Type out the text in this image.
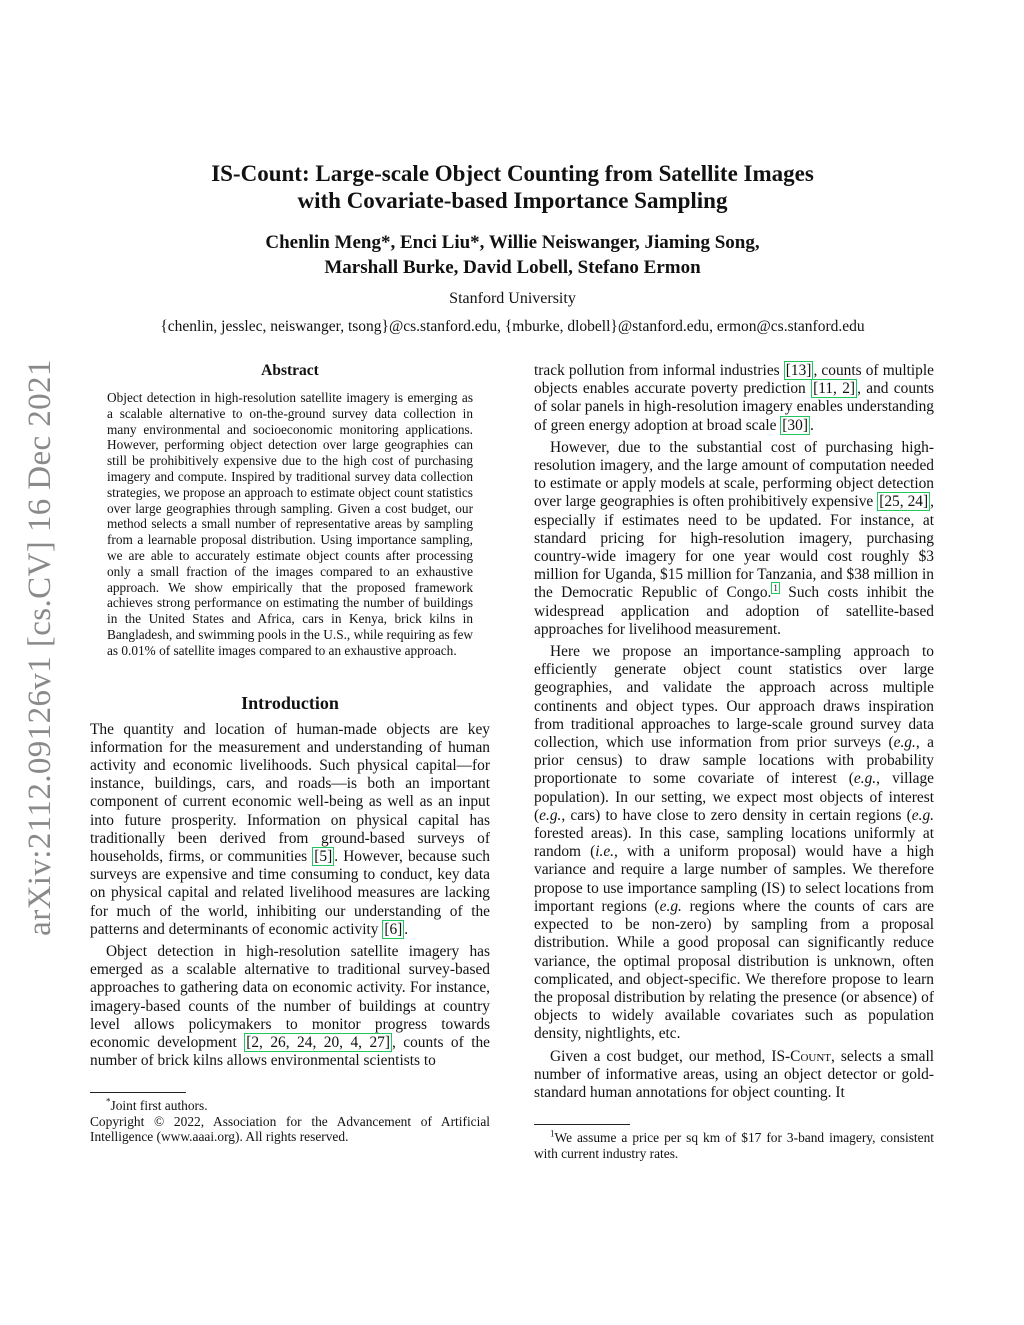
arXiv:2112.09126v1 [cs.CV] 16 Dec 2021
IS-Count: Large-scale Object Counting from Satellite Images
with Covariate-based Importance Sampling
Chenlin Meng*, Enci Liu*, Willie Neiswanger, Jiaming Song,
Marshall Burke, David Lobell, Stefano Ermon
Stanford University
{chenlin, jesslec, neiswanger, tsong}@cs.stanford.edu, {mburke, dlobell}@stanford.edu, ermon@cs.stanford.edu
Abstract

Object detection in high-resolution satellite imagery is emerging as a scalable alternative to on-the-ground survey data collection in many environmental and socioeconomic monitoring applications. However, performing object detection over large geographies can still be prohibitively expensive due to the high cost of purchasing imagery and compute. Inspired by traditional survey data collection strategies, we propose an approach to estimate object count statistics over large geographies through sampling. Given a cost budget, our method selects a small number of representative areas by sampling from a learnable proposal distribution. Using importance sampling, we are able to accurately estimate object counts after processing only a small fraction of the images compared to an exhaustive approach. We show empirically that the proposed framework achieves strong performance on estimating the number of buildings in the United States and Africa, cars in Kenya, brick kilns in Bangladesh, and swimming pools in the U.S., while requiring as few as 0.01% of satellite images compared to an exhaustive approach.

Introduction

The quantity and location of human-made objects are key information for the measurement and understanding of human activity and economic livelihoods. Such physical capital—for instance, buildings, cars, and roads—is both an important component of current economic well-being as well as an input into future prosperity. Information on physical capital has traditionally been derived from ground-based surveys of households, firms, or communities [5] . However, because such surveys are expensive and time consuming to conduct, key data on physical capital and related livelihood measures are lacking for much of the world, inhibiting our understanding of the patterns and determinants of economic activity [6] .

Object detection in high-resolution satellite imagery has emerged as a scalable alternative to traditional survey-based approaches to gathering data on economic activity. For instance, imagery-based counts of the number of buildings at country level allows policymakers to monitor progress towards economic development [2, 26, 24, 20, 4, 27] , counts of the number of brick kilns allows environmental scientists to

*Joint first authors.

Copyright © 2022, Association for the Advancement of Artificial Intelligence (www.aaai.org). All rights reserved.

track pollution from informal industries [13] , counts of multiple objects enables accurate poverty prediction [11, 2] , and counts of solar panels in high-resolution imagery enables understanding of green energy adoption at broad scale [30] .

However, due to the substantial cost of purchasing high-resolution imagery, and the large amount of computation needed to estimate or apply models at scale, performing object detection over large geographies is often prohibitively expensive [25, 24] , especially if estimates need to be updated. For instance, at standard pricing for high-resolution imagery, purchasing country-wide imagery for one year would cost roughly $3 million for Uganda, $15 million for Tanzania, and $38 million in the Democratic Republic of Congo. $^1$ Such costs inhibit the widespread application and adoption of satellite-based approaches for livelihood measurement.

Here we propose an importance-sampling approach to efficiently generate object count statistics over large geographies, and validate the approach across multiple continents and object types. Our approach draws inspiration from traditional approaches to large-scale ground survey data collection, which use information from prior surveys (e.g., a prior census) to draw sample locations with probability proportionate to some covariate of interest (e.g., village population). In our setting, we expect most objects of interest (e.g., cars) to have close to zero density in certain regions (e.g. forested areas). In this case, sampling locations uniformly at random (i.e., with a uniform proposal) would have a high variance and require a large number of samples. We therefore propose to use importance sampling (IS) to select locations from important regions (e.g. regions where the counts of cars are expected to be non-zero) by sampling from a proposal distribution. While a good proposal can significantly reduce variance, the optimal proposal distribution is unknown, often complicated, and object-specific. We therefore propose to learn the proposal distribution by relating the presence (or absence) of objects to widely available covariates such as population density, nightlights, etc.

Given a cost budget, our method, IS-Count, selects a small number of informative areas, using an object detector or gold-standard human annotations for object counting. It

$^1$We assume a price per sq km of $17 for 3-band imagery, consistent with current industry rates.
